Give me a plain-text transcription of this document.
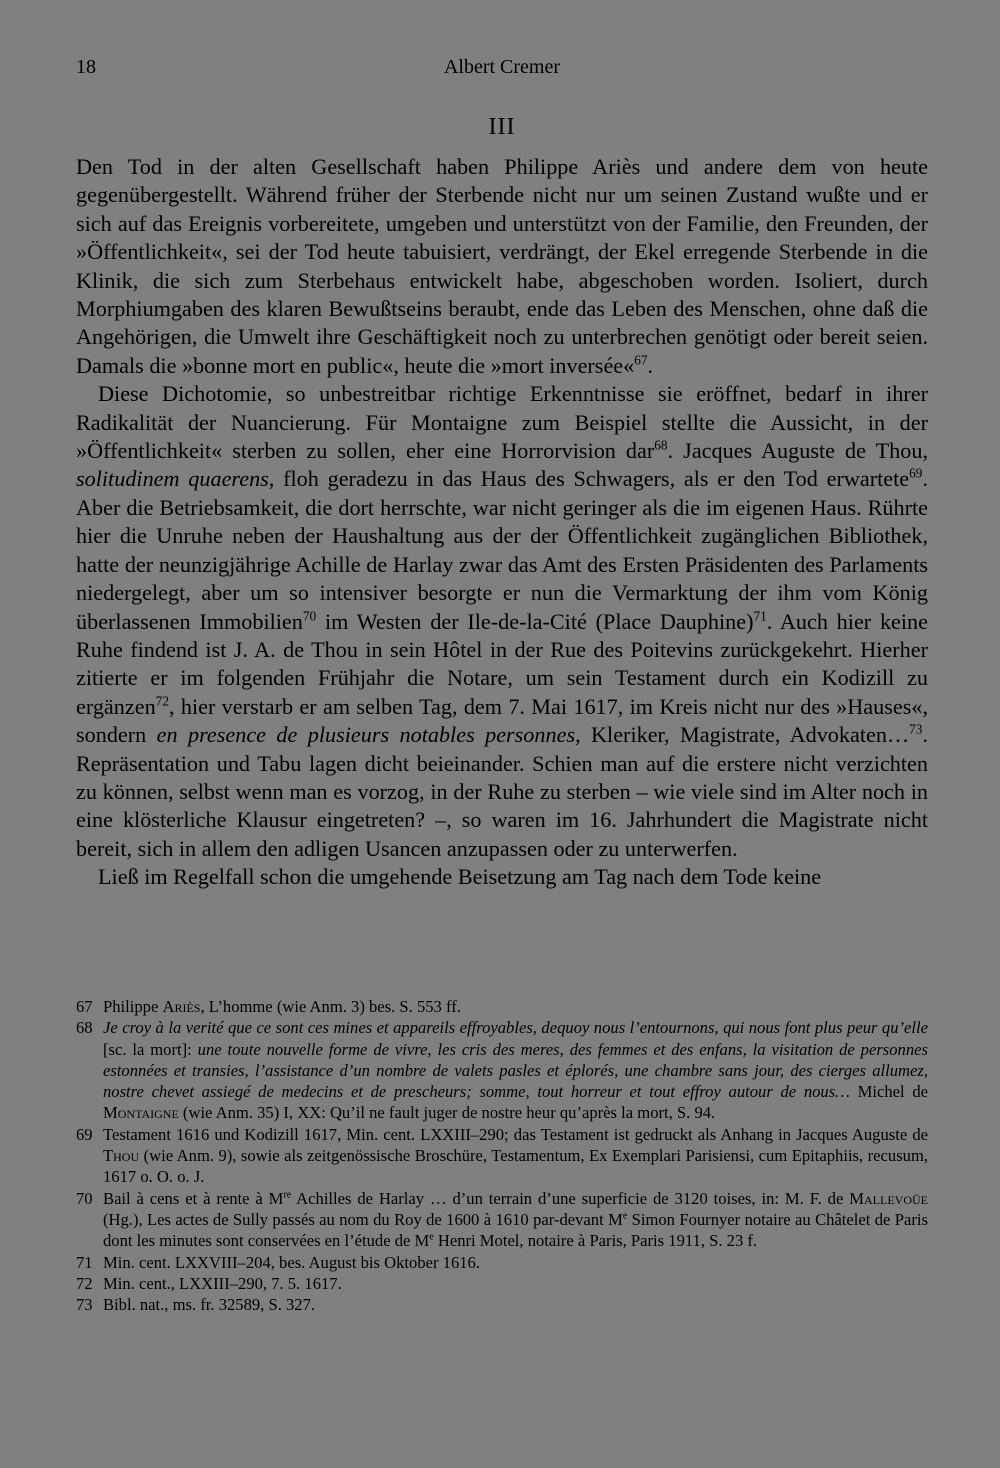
18	Albert Cremer
III

Den Tod in der alten Gesellschaft haben Philippe Ariès und andere dem von heute gegenübergestellt. Während früher der Sterbende nicht nur um seinen Zustand wußte und er sich auf das Ereignis vorbereitete, umgeben und unterstützt von der Familie, den Freunden, der »Öffentlichkeit«, sei der Tod heute tabuisiert, verdrängt, der Ekel erregende Sterbende in die Klinik, die sich zum Sterbehaus entwickelt habe, abgeschoben worden. Isoliert, durch Morphiumgaben des klaren Bewußtseins beraubt, ende das Leben des Menschen, ohne daß die Angehörigen, die Umwelt ihre Geschäftigkeit noch zu unterbrechen genötigt oder bereit seien. Damals die »bonne mort en public«, heute die »mort inversée«$^{67}$.

Diese Dichotomie, so unbestreitbar richtige Erkenntnisse sie eröffnet, bedarf in ihrer Radikalität der Nuancierung. Für Montaigne zum Beispiel stellte die Aussicht, in der »Öffentlichkeit« sterben zu sollen, eher eine Horrorvision dar$^{68}$. Jacques Auguste de Thou, solitudinem quaerens, floh geradezu in das Haus des Schwagers, als er den Tod erwartete$^{69}$. Aber die Betriebsamkeit, die dort herrschte, war nicht geringer als die im eigenen Haus. Rührte hier die Unruhe neben der Haushaltung aus der der Öffentlichkeit zugänglichen Bibliothek, hatte der neunzigjährige Achille de Harlay zwar das Amt des Ersten Präsidenten des Parlaments niedergelegt, aber um so intensiver besorgte er nun die Vermarktung der ihm vom König überlassenen Immobilien$^{70}$ im Westen der Ile-de-la-Cité (Place Dauphine)$^{71}$. Auch hier keine Ruhe findend ist J. A. de Thou in sein Hôtel in der Rue des Poitevins zurückgekehrt. Hierher zitierte er im folgenden Frühjahr die Notare, um sein Testament durch ein Kodizill zu ergänzen$^{72}$, hier verstarb er am selben Tag, dem 7. Mai 1617, im Kreis nicht nur des »Hauses«, sondern en presence de plusieurs notables personnes, Kleriker, Magistrate, Advokaten…$^{73}$. Repräsentation und Tabu lagen dicht beieinander. Schien man auf die erstere nicht verzichten zu können, selbst wenn man es vorzog, in der Ruhe zu sterben – wie viele sind im Alter noch in eine klösterliche Klausur eingetreten? –, so waren im 16. Jahrhundert die Magistrate nicht bereit, sich in allem den adligen Usancen anzupassen oder zu unterwerfen.

Ließ im Regelfall schon die umgehende Beisetzung am Tag nach dem Tode keine

67 Philippe Ariès, L’homme (wie Anm. 3) bes. S. 553 ff.

68 Je croy à la verité que ce sont ces mines et appareils effroyables, dequoy nous l’entournons, qui nous font plus peur qu’elle [sc. la mort]: une toute nouvelle forme de vivre, les cris des meres, des femmes et des enfans, la visitation de personnes estonnées et transies, l’assistance d’un nombre de valets pasles et éplorés, une chambre sans jour, des cierges allumez, nostre chevet assiegé de medecins et de prescheurs; somme, tout horreur et tout effroy autour de nous… Michel de Montaigne (wie Anm. 35) I, XX: Qu’il ne fault juger de nostre heur qu’après la mort, S. 94.

69 Testament 1616 und Kodizill 1617, Min. cent. LXXIII–290; das Testament ist gedruckt als Anhang in Jacques Auguste de Thou (wie Anm. 9), sowie als zeitgenössische Broschüre, Testamentum, Ex Exemplari Parisiensi, cum Epitaphiis, recusum, 1617 o. O. o. J.

70 Bail à cens et à rente à Mre Achilles de Harlay … d’un terrain d’une superficie de 3120 toises, in: M. F. de Mallevoüe (Hg.), Les actes de Sully passés au nom du Roy de 1600 à 1610 par-devant Me Simon Fournyer notaire au Châtelet de Paris dont les minutes sont conservées en l’étude de Me Henri Motel, notaire à Paris, Paris 1911, S. 23 f.

71 Min. cent. LXXVIII–204, bes. August bis Oktober 1616.

72 Min. cent., LXXIII–290, 7. 5. 1617.

73 Bibl. nat., ms. fr. 32589, S. 327.
